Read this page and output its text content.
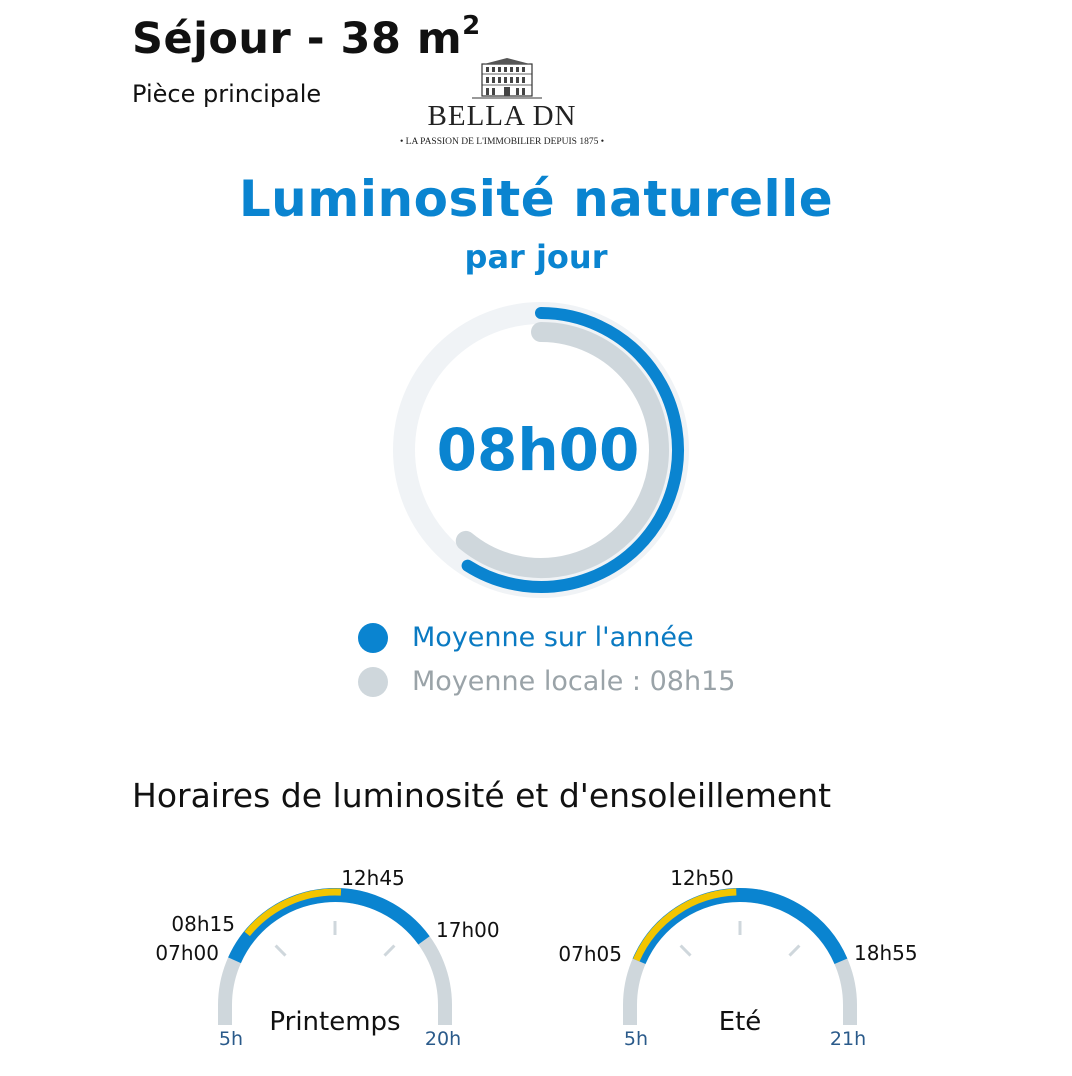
Séjour - 38 $m^2$
Pièce principale
BELLA DN
• LA PASSION DE L'IMMOBILIER DEPUIS 1875 •
Luminosité naturelle
par jour
08h00
Moyenne sur l'année
Moyenne locale : 08h15
Horaires de luminosité et d'ensoleillement
5h	20h
Printemps
07h00
08h15
12h45
17h00
5h	21h
Eté
07h05
12h50
18h55
